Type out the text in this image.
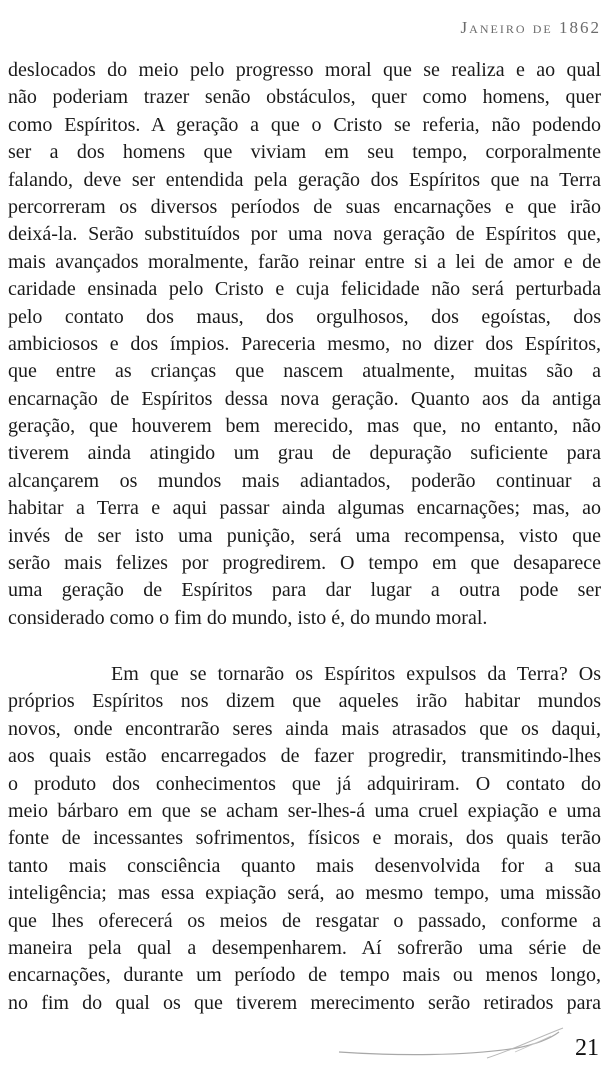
Janeiro de 1862
deslocados do meio pelo progresso moral que se realiza e ao qual
não poderiam trazer senão obstáculos, quer como homens, quer
como Espíritos. A geração a que o Cristo se referia, não podendo
ser a dos homens que viviam em seu tempo, corporalmente
falando, deve ser entendida pela geração dos Espíritos que na Terra
percorreram os diversos períodos de suas encarnações e que irão
deixá-la. Serão substituídos por uma nova geração de Espíritos que,
mais avançados moralmente, farão reinar entre si a lei de amor e de
caridade ensinada pelo Cristo e cuja felicidade não será perturbada
pelo contato dos maus, dos orgulhosos, dos egoístas, dos
ambiciosos e dos ímpios. Pareceria mesmo, no dizer dos Espíritos,
que entre as crianças que nascem atualmente, muitas são a
encarnação de Espíritos dessa nova geração. Quanto aos da antiga
geração, que houverem bem merecido, mas que, no entanto, não
tiverem ainda atingido um grau de depuração suficiente para
alcançarem os mundos mais adiantados, poderão continuar a
habitar a Terra e aqui passar ainda algumas encarnações; mas, ao
invés de ser isto uma punição, será uma recompensa, visto que
serão mais felizes por progredirem. O tempo em que desaparece
uma geração de Espíritos para dar lugar a outra pode ser
considerado como o fim do mundo, isto é, do mundo moral.
Em que se tornarão os Espíritos expulsos da Terra? Os
próprios Espíritos nos dizem que aqueles irão habitar mundos
novos, onde encontrarão seres ainda mais atrasados que os daqui,
aos quais estão encarregados de fazer progredir, transmitindo-lhes
o produto dos conhecimentos que já adquiriram. O contato do
meio bárbaro em que se acham ser-lhes-á uma cruel expiação e uma
fonte de incessantes sofrimentos, físicos e morais, dos quais terão
tanto mais consciência quanto mais desenvolvida for a sua
inteligência; mas essa expiação será, ao mesmo tempo, uma missão
que lhes oferecerá os meios de resgatar o passado, conforme a
maneira pela qual a desempenharem. Aí sofrerão uma série de
encarnações, durante um período de tempo mais ou menos longo,
no fim do qual os que tiverem merecimento serão retirados para
21
